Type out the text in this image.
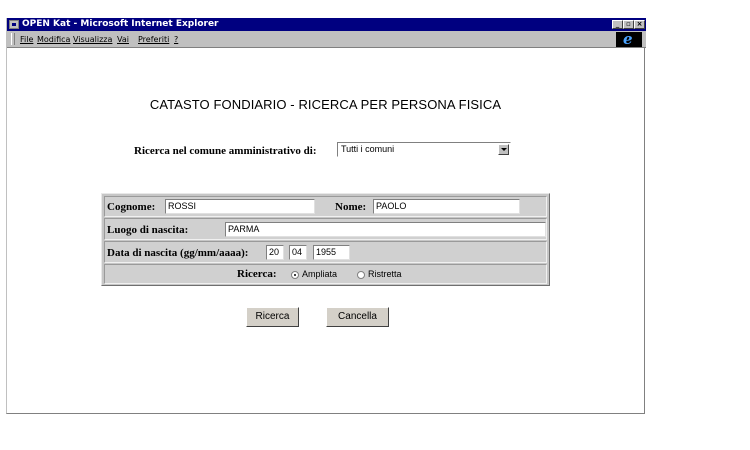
OPEN Kat - Microsoft Internet Explorer	_ ▫ ×
File Modifica Visualizza Vai Preferiti ?	e
CATASTO FONDIARIO - RICERCA PER PERSONA FISICA
Ricerca nel comune amministrativo di:	Tutti i comuni
Cognome:	ROSSI	Nome:	PAOLO
Luogo di nascita:	PARMA
Data di nascita (gg/mm/aaaa):	20	04	1955
Ricerca:	Ampliata	Ristretta
Ricerca	Cancella
